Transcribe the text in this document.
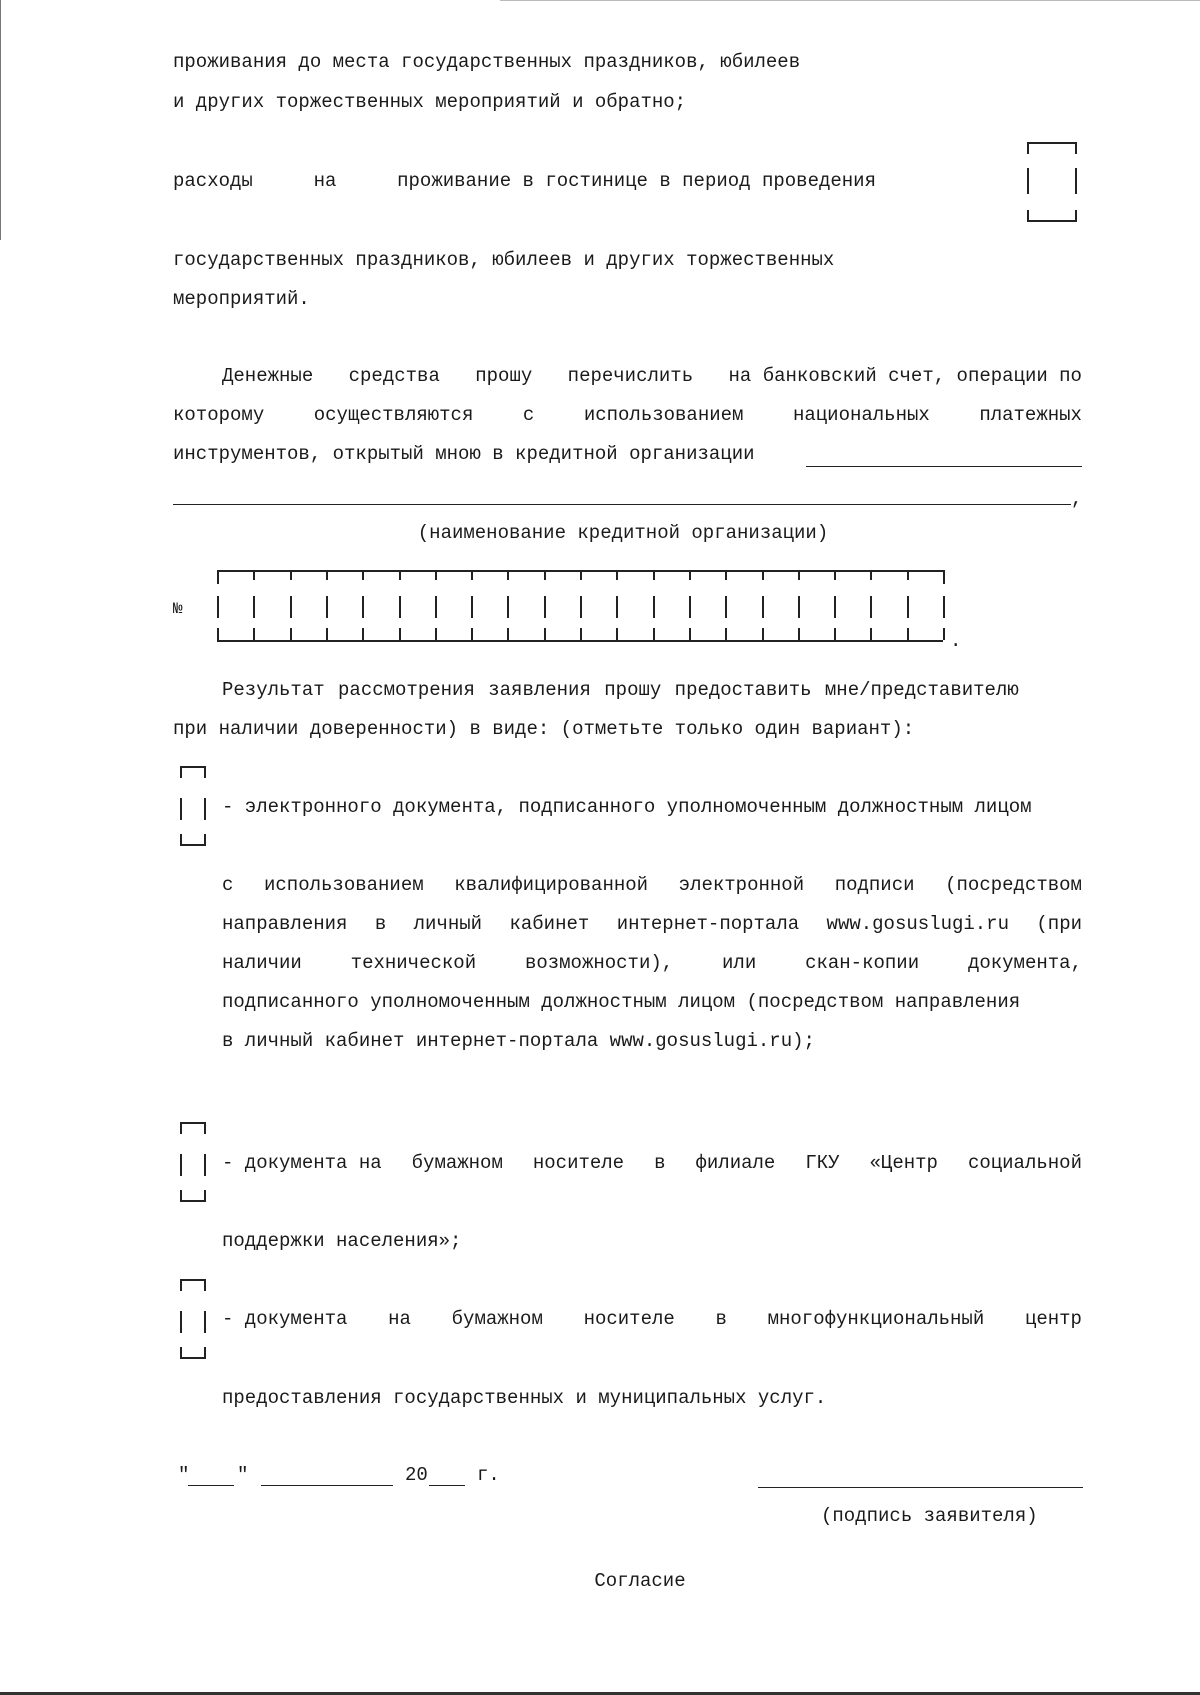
проживания до места государственных праздников, юбилеев
и других торжественных мероприятий и обратно;
расходы	на	проживание в гостинице в период проведения
государственных праздников, юбилеев и других торжественных
мероприятий.
Денежные средства прошу перечислить на банковский счет, операции по
которому	осуществляются	с	использованием	национальных	платежных
инструментов, открытый мною в кредитной организации
,
(наименование кредитной организации)
№
.
Результат рассмотрения заявления прошу предоставить мне/представителю
при наличии доверенности) в виде: (отметьте только один вариант):
- электронного документа, подписанного уполномоченным должностным лицом
с использованием квалифицированной электронной подписи (посредством
направления в личный кабинет интернет-портала www.gosuslugi.ru (при
наличии	технической	возможности),	или	скан-копии	документа,
подписанного уполномоченным должностным лицом (посредством направления
в личный кабинет интернет-портала www.gosuslugi.ru);
- документа на бумажном носителе в филиале ГКУ «Центр социальной
поддержки населения»;
- документа на бумажном носителе в многофункциональный центр
предоставления государственных и муниципальных услуг.
"	"	20	г.
(подпись заявителя)
Согласие
